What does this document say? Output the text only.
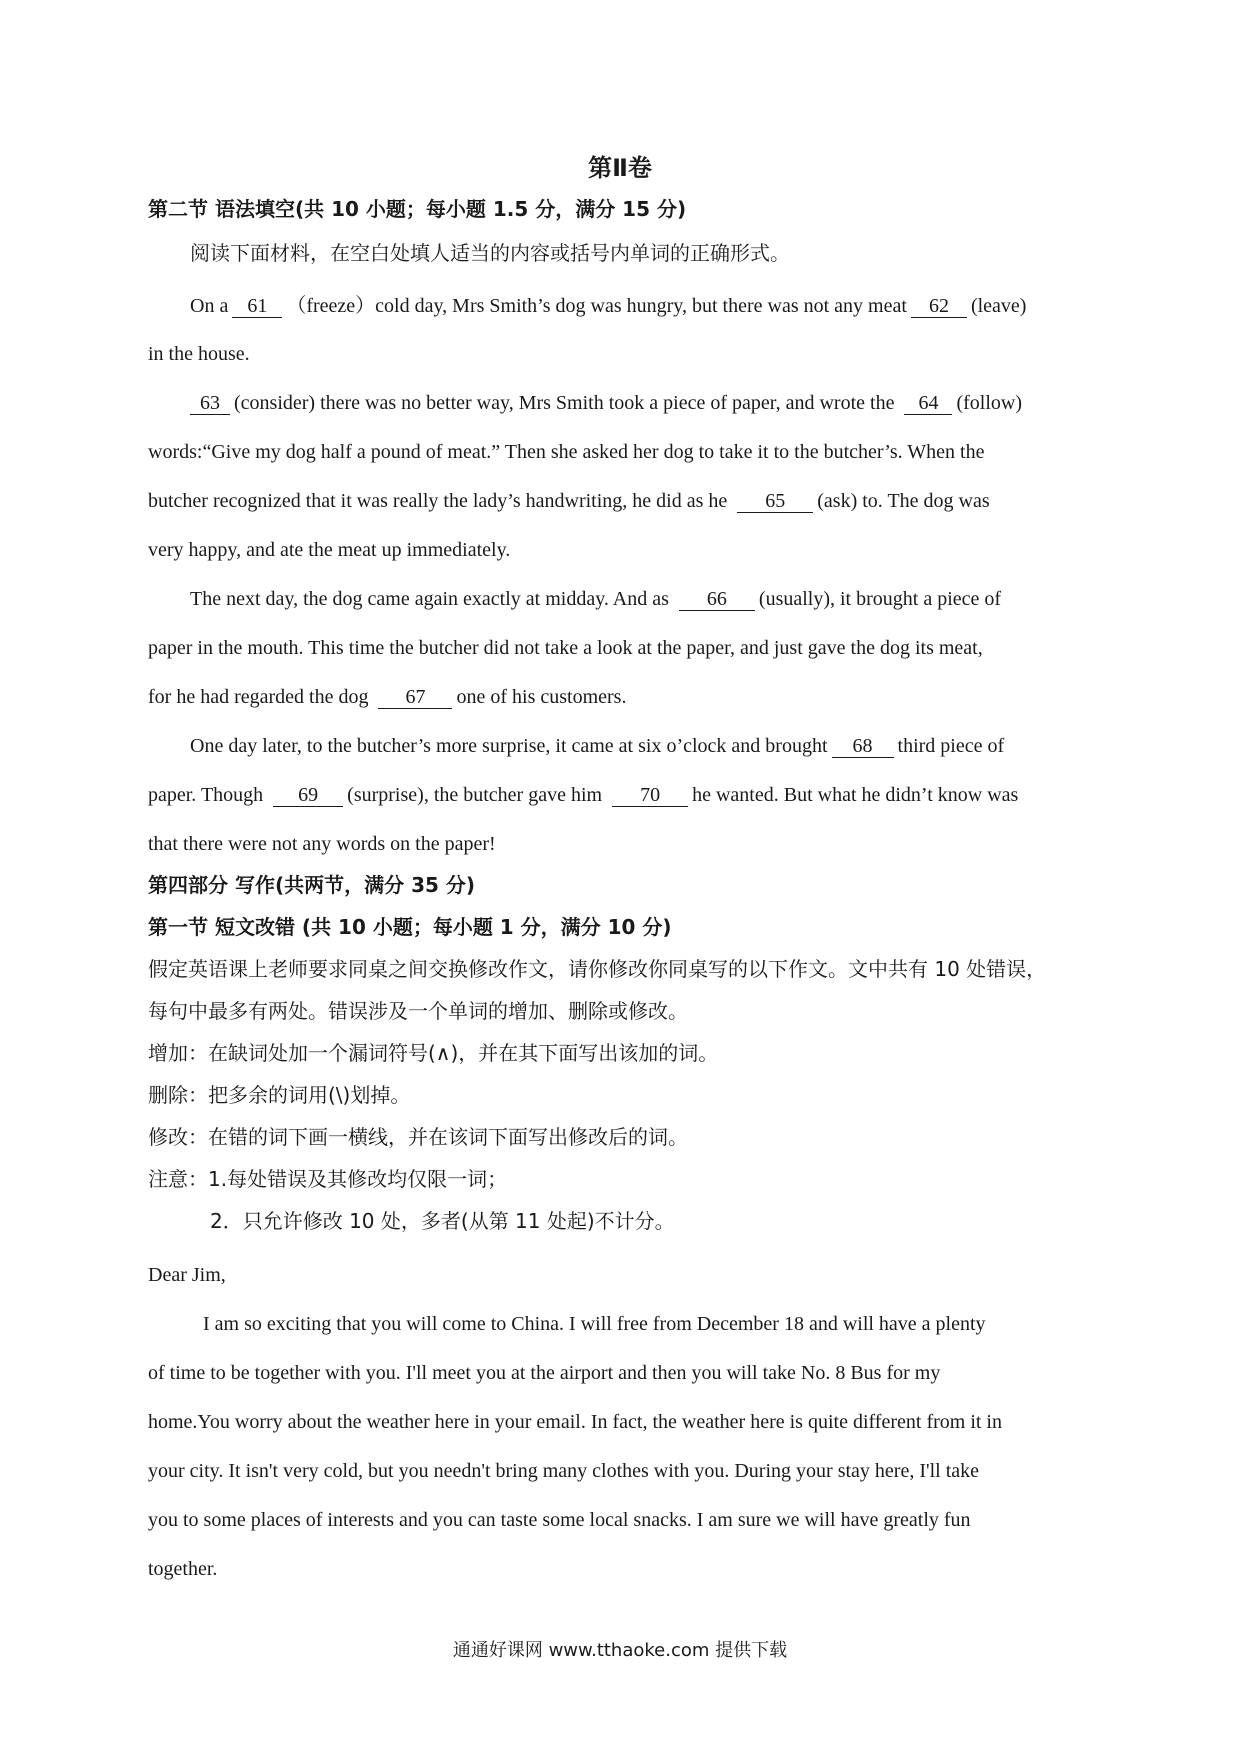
第Ⅱ卷
第二节 语法填空(共 10 小题；每小题 1.5 分，满分 15 分)
阅读下面材料，在空白处填人适当的内容或括号内单词的正确形式。
On a 61 （freeze）cold day, Mrs Smith’s dog was hungry, but there was not any meat 62 (leave)
in the house.
63 (consider) there was no better way, Mrs Smith took a piece of paper, and wrote the 64 (follow)
words:“Give my dog half a pound of meat.” Then she asked her dog to take it to the butcher’s. When the
butcher recognized that it was really the lady’s handwriting, he did as he 65 (ask) to. The dog was
very happy, and ate the meat up immediately.
The next day, the dog came again exactly at midday. And as 66 (usually), it brought a piece of
paper in the mouth. This time the butcher did not take a look at the paper, and just gave the dog its meat,
for he had regarded the dog 67 one of his customers.
One day later, to the butcher’s more surprise, it came at six o’clock and brought 68 third piece of
paper. Though 69 (surprise), the butcher gave him 70 he wanted. But what he didn’t know was
that there were not any words on the paper!
第四部分 写作(共两节，满分 35 分)
第一节 短文改错 (共 10 小题；每小题 1 分，满分 10 分)
假定英语课上老师要求同桌之间交换修改作文，请你修改你同桌写的以下作文。文中共有 10 处错误，
每句中最多有两处。错误涉及一个单词的增加、删除或修改。
增加：在缺词处加一个漏词符号(∧)，并在其下面写出该加的词。
删除：把多余的词用(\)划掉。
修改：在错的词下画一横线，并在该词下面写出修改后的词。
注意：1.每处错误及其修改均仅限一词；
2．只允许修改 10 处，多者(从第 11 处起)不计分。
Dear Jim,
I am so exciting that you will come to China. I will free from December 18 and will have a plenty
of time to be together with you. I'll meet you at the airport and then you will take No. 8 Bus for my
home.You worry about the weather here in your email. In fact, the weather here is quite different from it in
your city. It isn't very cold, but you needn't bring many clothes with you. During your stay here, I'll take
you to some places of interests and you can taste some local snacks. I am sure we will have greatly fun
together.
通通好课网 www.tthaoke.com 提供下载
